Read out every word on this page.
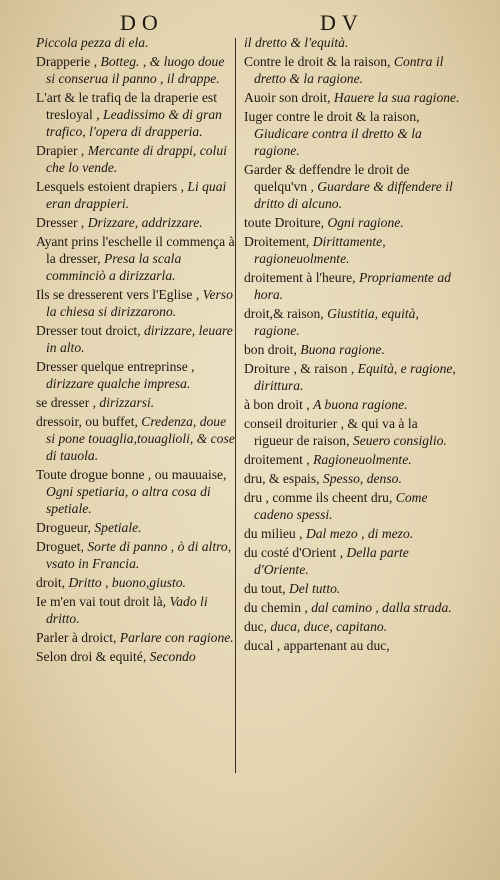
DO	DV

Piccola pezza di ela.

Drapperie , Botteg. , & luogo doue si conserua il panno , il drappe.

L'art & le trafiq de la draperie est tresloyal , Leadissimo & di gran trafico, l'opera di drapperia.

Drapier , Mercante di drappi, colui che lo vende.

Lesquels estoient drapiers , Li quai eran drappieri.

Dresser , Drizzare, addrizzare.

Ayant prins l'eschelle il commença à la dresser, Presa la scala comminciò a dirizzarla.

Ils se dresserent vers l'Eglise , Verso la chiesa si dirizzarono.

Dresser tout droict, dirizzare, leuare in alto.

Dresser quelque entreprinse , dirizzare qualche impresa.

se dresser , dirizzarsi.

dressoir, ou buffet, Credenza, doue si pone touaglia,touaglioli, & cose di tauola.

Toute drogue bonne , ou mauuaise, Ogni spetiaria, o altra cosa di spetiale.

Drogueur, Spetiale.

Droguet, Sorte di panno , ò di altro, vsato in Francia.

droit, Dritto , buono,giusto.

Ie m'en vai tout droit là, Vado li dritto.

Parler à droict, Parlare con ragione.

Selon droi & equité, Secondo

il dretto & l'equità.

Contre le droit & la raison, Contra il dretto & la ragione.

Auoir son droit, Hauere la sua ragione.

Iuger contre le droit & la raison, Giudicare contra il dretto & la ragione.

Garder & deffendre le droit de quelqu'vn , Guardare & diffendere il dritto di alcuno.

toute Droiture, Ogni ragione.

Droitement, Dirittamente, ragioneuolmente.

droitement à l'heure, Propriamente ad hora.

droit,& raison, Giustitia, equità, ragione.

bon droit, Buona ragione.

Droiture , & raison , Equità, e ragione, dirittura.

à bon droit , A buona ragione.

conseil droiturier , & qui va à la rigueur de raison, Seuero consiglio.

droitement , Ragioneuolmente.

dru, & espais, Spesso, denso.

dru , comme ils cheent dru, Come cadeno spessi.

du milieu , Dal mezo , di mezo.

du costé d'Orient , Della parte d'Oriente.

du tout, Del tutto.

du chemin , dal camino , dalla strada.

duc, duca, duce, capitano.

ducal , appartenant au duc,
